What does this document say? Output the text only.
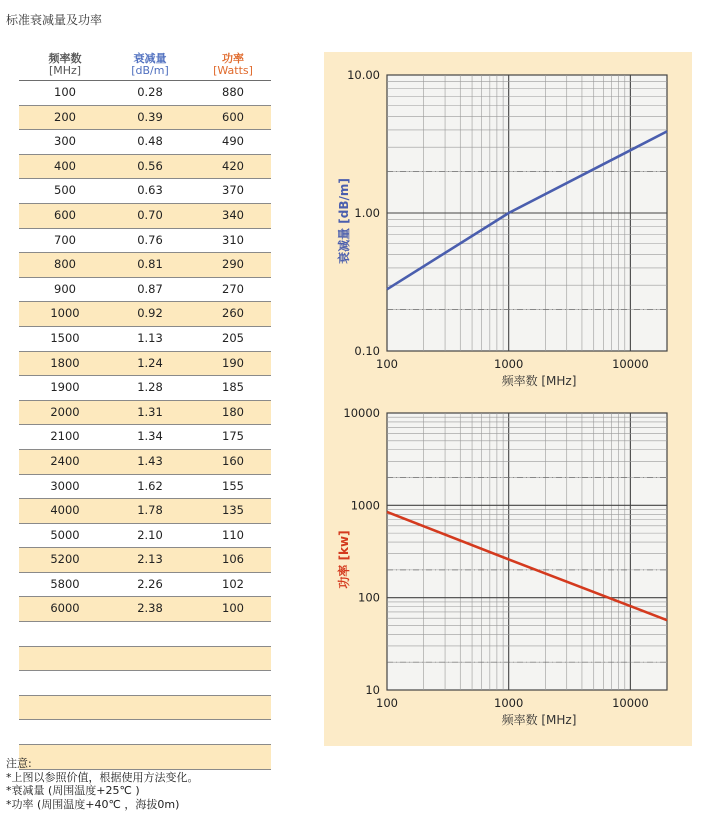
标准衰减量及功率
频率数
[MHz]
衰减量
[dB/m]
功率
[Watts]
100	0.28	880
200	0.39	600
300	0.48	490
400	0.56	420
500	0.63	370
600	0.70	340
700	0.76	310
800	0.81	290
900	0.87	270
1000	0.92	260
1500	1.13	205
1800	1.24	190
1900	1.28	185
2000	1.31	180
2100	1.34	175
2400	1.43	160
3000	1.62	155
4000	1.78	135
5000	2.10	110
5200	2.13	106
5800	2.26	102
6000	2.38	100
100	1000	10000
0.10
1.00
10.00
频率数 [MHz]
衰减量 [dB/m]
100	1000	10000
10
100
1000
10000
频率数 [MHz]
功率 [kw]
注意:
*上图以参照价值，根据使用方法变化。
*衰减量 (周围温度+25℃ )
*功率 (周围温度+40℃ ，海拔0m)
